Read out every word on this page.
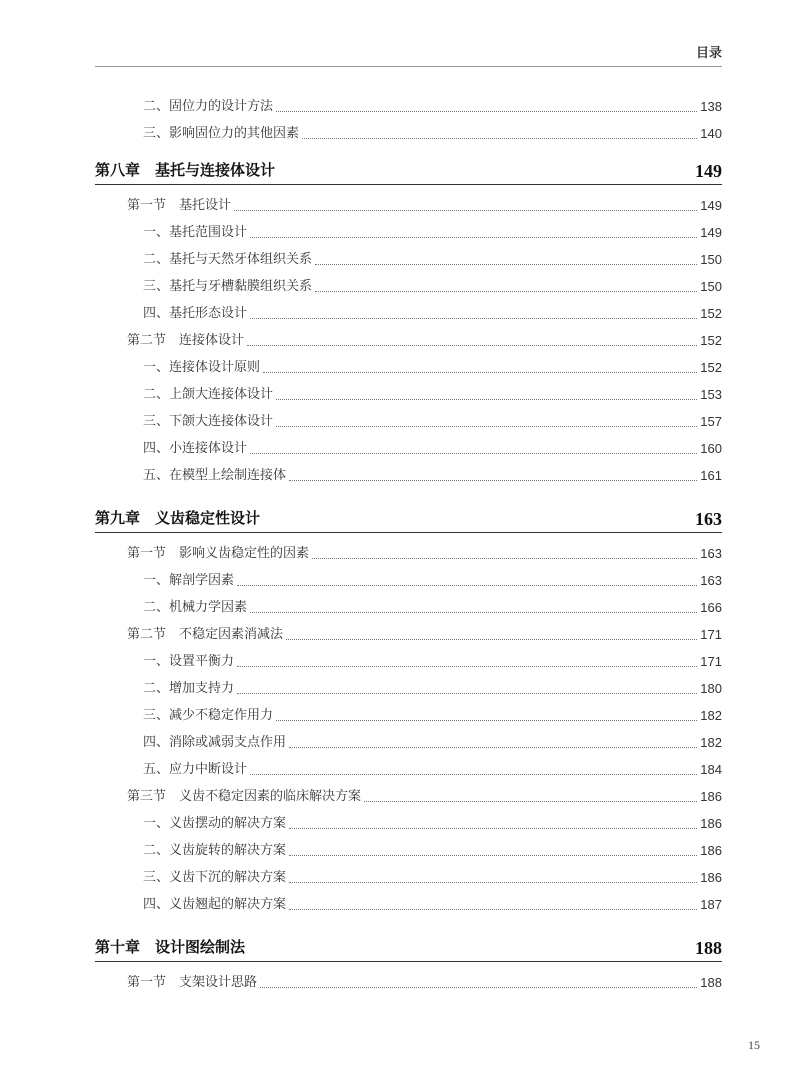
目录
二、固位力的设计方法	138
三、影响固位力的其他因素	140
第八章　基托与连接体设计	149
第一节　基托设计	149
一、基托范围设计	149
二、基托与天然牙体组织关系	150
三、基托与牙槽黏膜组织关系	150
四、基托形态设计	152
第二节　连接体设计	152
一、连接体设计原则	152
二、上颌大连接体设计	153
三、下颌大连接体设计	157
四、小连接体设计	160
五、在模型上绘制连接体	161
第九章　义齿稳定性设计	163
第一节　影响义齿稳定性的因素	163
一、解剖学因素	163
二、机械力学因素	166
第二节　不稳定因素消减法	171
一、设置平衡力	171
二、增加支持力	180
三、减少不稳定作用力	182
四、消除或减弱支点作用	182
五、应力中断设计	184
第三节　义齿不稳定因素的临床解决方案	186
一、义齿摆动的解决方案	186
二、义齿旋转的解决方案	186
三、义齿下沉的解决方案	186
四、义齿翘起的解决方案	187
第十章　设计图绘制法	188
第一节　支架设计思路	188
15
